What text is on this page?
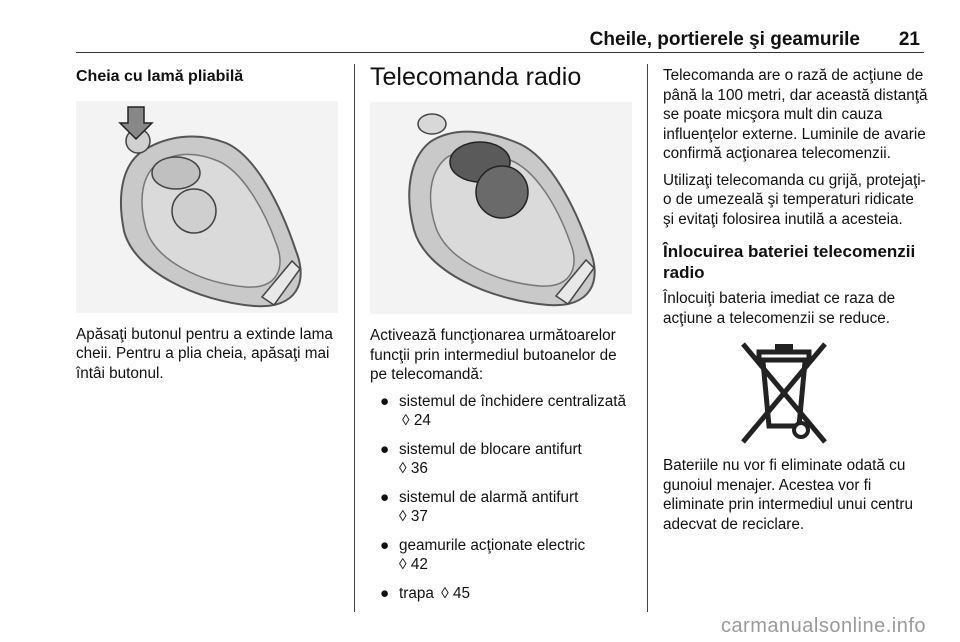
Cheile, portierele şi geamurile	21
Cheia cu lamă pliabilă

Apăsaţi butonul pentru a extinde lama cheii. Pentru a plia cheia, apăsaţi mai întâi butonul.

Telecomanda radio

Activează funcţionarea următoarelor funcţii prin intermediul butoanelor de pe telecomandă:

● sistemul de închidere centralizată ◊ 24
● sistemul de blocare antifurt
◊ 36
● sistemul de alarmă antifurt
◊ 37
● geamurile acţionate electric
◊ 42
● trapa ◊ 45

Telecomanda are o rază de acţiune de până la 100 metri, dar această distanţă se poate micşora mult din cauza influenţelor externe. Luminile de avarie confirmă acţionarea telecomenzii.

Utilizaţi telecomanda cu grijă, protejaţi-o de umezeală şi temperaturi ridicate şi evitaţi folosirea inutilă a acesteia.

Înlocuirea bateriei telecomenzii radio

Înlocuiţi bateria imediat ce raza de acţiune a telecomenzii se reduce.

Bateriile nu vor fi eliminate odată cu gunoiul menajer. Acestea vor fi eliminate prin intermediul unui centru adecvat de reciclare.

carmanualsonline.info
